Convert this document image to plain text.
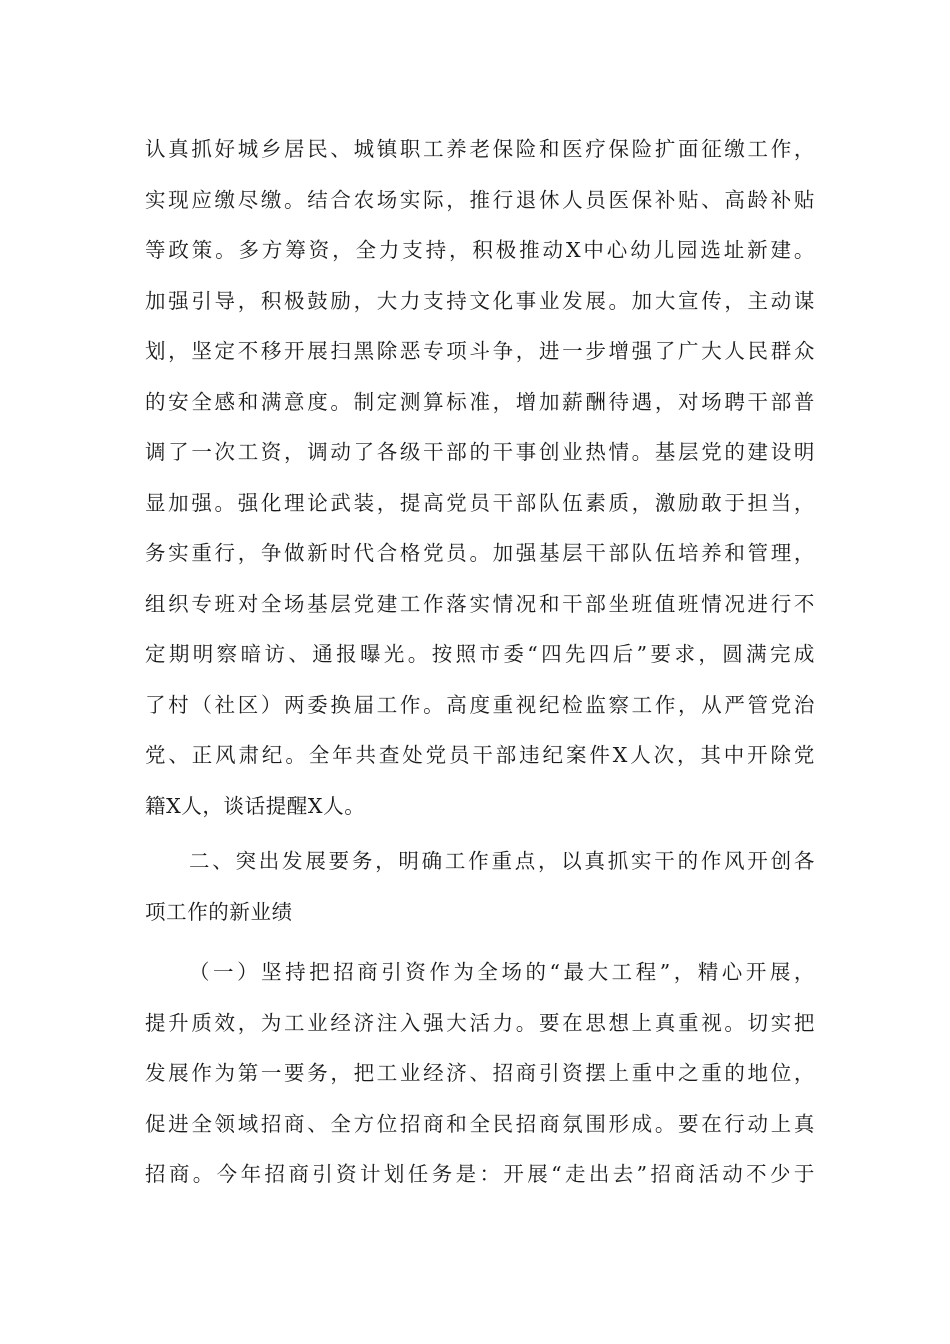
认真抓好城乡居民、城镇职工养老保险和医疗保险扩面征缴工作，
实现应缴尽缴。结合农场实际，推行退休人员医保补贴、高龄补贴
等政策。多方筹资，全力支持，积极推动X中心幼儿园选址新建。
加强引导，积极鼓励，大力支持文化事业发展。加大宣传，主动谋
划，坚定不移开展扫黑除恶专项斗争，进一步增强了广大人民群众
的安全感和满意度。制定测算标准，增加薪酬待遇，对场聘干部普
调了一次工资，调动了各级干部的干事创业热情。基层党的建设明
显加强。强化理论武装，提高党员干部队伍素质，激励敢于担当，
务实重行，争做新时代合格党员。加强基层干部队伍培养和管理，
组织专班对全场基层党建工作落实情况和干部坐班值班情况进行不
定期明察暗访、通报曝光。按照市委“四先四后”要求，圆满完成
了村（社区）两委换届工作。高度重视纪检监察工作，从严管党治
党、正风肃纪。全年共查处党员干部违纪案件X人次，其中开除党
籍X人，谈话提醒X人。
二、突出发展要务，明确工作重点，以真抓实干的作风开创各
项工作的新业绩
（一）坚持把招商引资作为全场的“最大工程”，精心开展，
提升质效，为工业经济注入强大活力。要在思想上真重视。切实把
发展作为第一要务，把工业经济、招商引资摆上重中之重的地位，
促进全领域招商、全方位招商和全民招商氛围形成。要在行动上真
招商。今年招商引资计划任务是：开展“走出去”招商活动不少于
